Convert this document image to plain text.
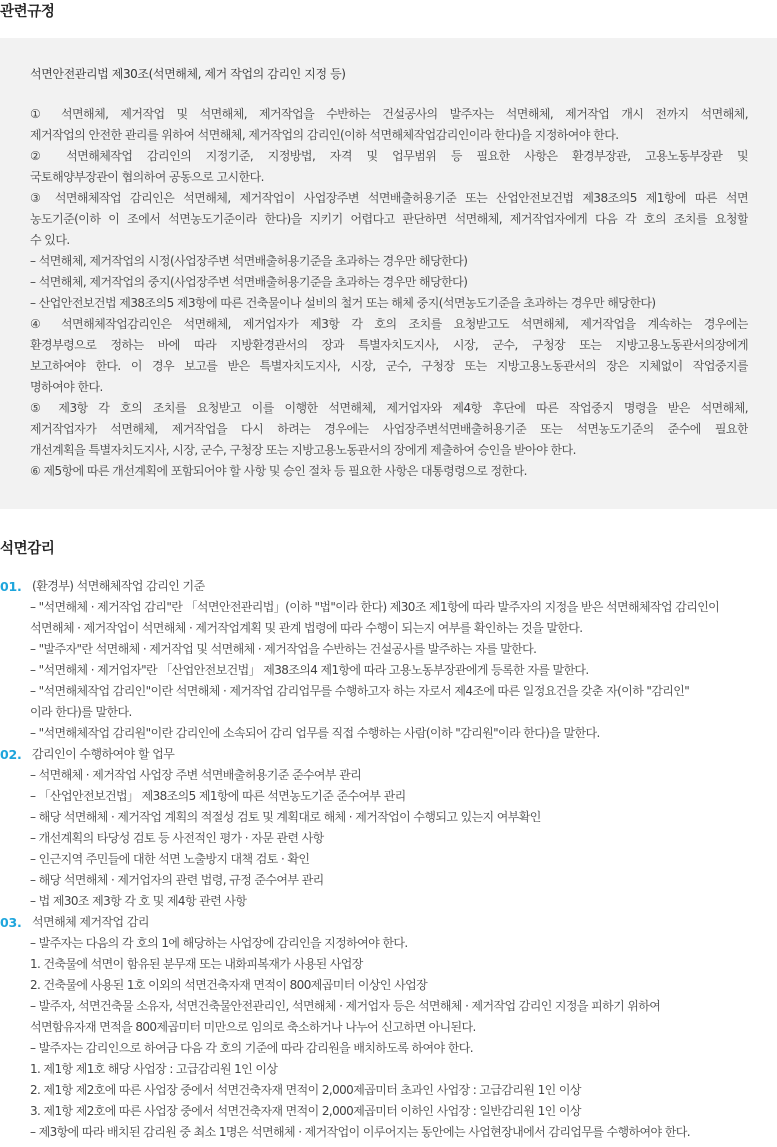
관련규정
석면안전관리법 제30조(석면해체, 제거 작업의 감리인 지정 등)
① 석면해체, 제거작업 및 석면해체, 제거작업을 수반하는 건설공사의 발주자는 석면해체, 제거작업 개시 전까지 석면해체,
제거작업의 안전한 관리를 위하여 석면해체, 제거작업의 감리인(이하 석면해체작업감리인이라 한다)을 지정하여야 한다.
② 석면해체작업 감리인의 지정기준, 지정방법, 자격 및 업무범위 등 필요한 사항은 환경부장관, 고용노동부장관 및
국토해양부장관이 협의하여 공동으로 고시한다.
③ 석면해체작업 감리인은 석면해체, 제거작업이 사업장주변 석면배출허용기준 또는 산업안전보건법 제38조의5 제1항에 따른 석면
농도기준(이하 이 조에서 석면농도기준이라 한다)을 지키기 어렵다고 판단하면 석면해체, 제거작업자에게 다음 각 호의 조치를 요청할
수 있다.
– 석면해체, 제거작업의 시정(사업장주변 석면배출허용기준을 초과하는 경우만 해당한다)
– 석면해체, 제거작업의 중지(사업장주변 석면배출허용기준을 초과하는 경우만 해당한다)
– 산업안전보건법 제38조의5 제3항에 따른 건축물이나 설비의 철거 또는 해체 중지(석면농도기준을 초과하는 경우만 해당한다)
④ 석면해체작업감리인은 석면해체, 제거업자가 제3항 각 호의 조치를 요청받고도 석면해체, 제거작업을 계속하는 경우에는
환경부령으로 정하는 바에 따라 지방환경관서의 장과 특별자치도지사, 시장, 군수, 구청장 또는 지방고용노동관서의장에게
보고하여야 한다. 이 경우 보고를 받은 특별자치도지사, 시장, 군수, 구청장 또는 지방고용노동관서의 장은 지체없이 작업중지를
명하여야 한다.
⑤ 제3항 각 호의 조치를 요청받고 이를 이행한 석면해체, 제거업자와 제4항 후단에 따른 작업중지 명령을 받은 석면해체,
제거작업자가 석면해체, 제거작업을 다시 하려는 경우에는 사업장주변석면배출허용기준 또는 석면농도기준의 준수에 필요한
개선계획을 특별자치도지사, 시장, 군수, 구청장 또는 지방고용노동관서의 장에게 제출하여 승인을 받아야 한다.
⑥ 제5항에 따른 개선계획에 포함되어야 할 사항 및 승인 절차 등 필요한 사항은 대통령령으로 정한다.
석면감리
01. (환경부) 석면해체작업 감리인 기준
– "석면해체 · 제거작업 감리"란 「석면안전관리법」(이하 "법"이라 한다) 제30조 제1항에 따라 발주자의 지정을 받은 석면해체작업 감리인이
석면해체 · 제거작업이 석면해체 · 제거작업계획 및 관계 법령에 따라 수행이 되는지 여부를 확인하는 것을 말한다.
– "발주자"란 석면해체 · 제거작업 및 석면해체 · 제거작업을 수반하는 건설공사를 발주하는 자를 말한다.
– "석면해체 · 제거업자"란 「산업안전보건법」 제38조의4 제1항에 따라 고용노동부장관에게 등록한 자를 말한다.
– "석면해체작업 감리인"이란 석면해체 · 제거작업 감리업무를 수행하고자 하는 자로서 제4조에 따른 일정요건을 갖춘 자(이하 "감리인"
이라 한다)를 말한다.
– "석면해체작업 감리원"이란 감리인에 소속되어 감리 업무를 직접 수행하는 사람(이하 "감리원"이라 한다)을 말한다.
02. 감리인이 수행하여야 할 업무
– 석면해체 · 제거작업 사업장 주변 석면배출허용기준 준수여부 관리
– 「산업안전보건법」 제38조의5 제1항에 따른 석면농도기준 준수여부 관리
– 해당 석면해체 · 제거작업 계획의 적절성 검토 및 계획대로 해체 · 제거작업이 수행되고 있는지 여부확인
– 개선계획의 타당성 검토 등 사전적인 평가 · 자문 관련 사항
– 인근지역 주민들에 대한 석면 노출방지 대책 검토 · 확인
– 해당 석면해체 · 제거업자의 관련 법령, 규정 준수여부 관리
– 법 제30조 제3항 각 호 및 제4항 관련 사항
03. 석면해체 제거작업 감리
– 발주자는 다음의 각 호의 1에 해당하는 사업장에 감리인을 지정하여야 한다.
1. 건축물에 석면이 함유된 분무재 또는 내화피복재가 사용된 사업장
2. 건축물에 사용된 1호 이외의 석면건축자재 면적이 800제곱미터 이상인 사업장
– 발주자, 석면건축물 소유자, 석면건축물안전관리인, 석면해체 · 제거업자 등은 석면해체 · 제거작업 감리인 지정을 피하기 위하여
석면함유자재 면적을 800제곱미터 미만으로 임의로 축소하거나 나누어 신고하면 아니된다.
– 발주자는 감리인으로 하여금 다음 각 호의 기준에 따라 감리원을 배치하도록 하여야 한다.
1. 제1항 제1호 해당 사업장 : 고급감리원 1인 이상
2. 제1항 제2호에 따른 사업장 중에서 석면건축자재 면적이 2,000제곱미터 초과인 사업장 : 고급감리원 1인 이상
3. 제1항 제2호에 따른 사업장 중에서 석면건축자재 면적이 2,000제곱미터 이하인 사업장 : 일반감리원 1인 이상
– 제3항에 따라 배치된 감리원 중 최소 1명은 석면해체 · 제거작업이 이루어지는 동안에는 사업현장내에서 감리업무를 수행하여야 한다.
